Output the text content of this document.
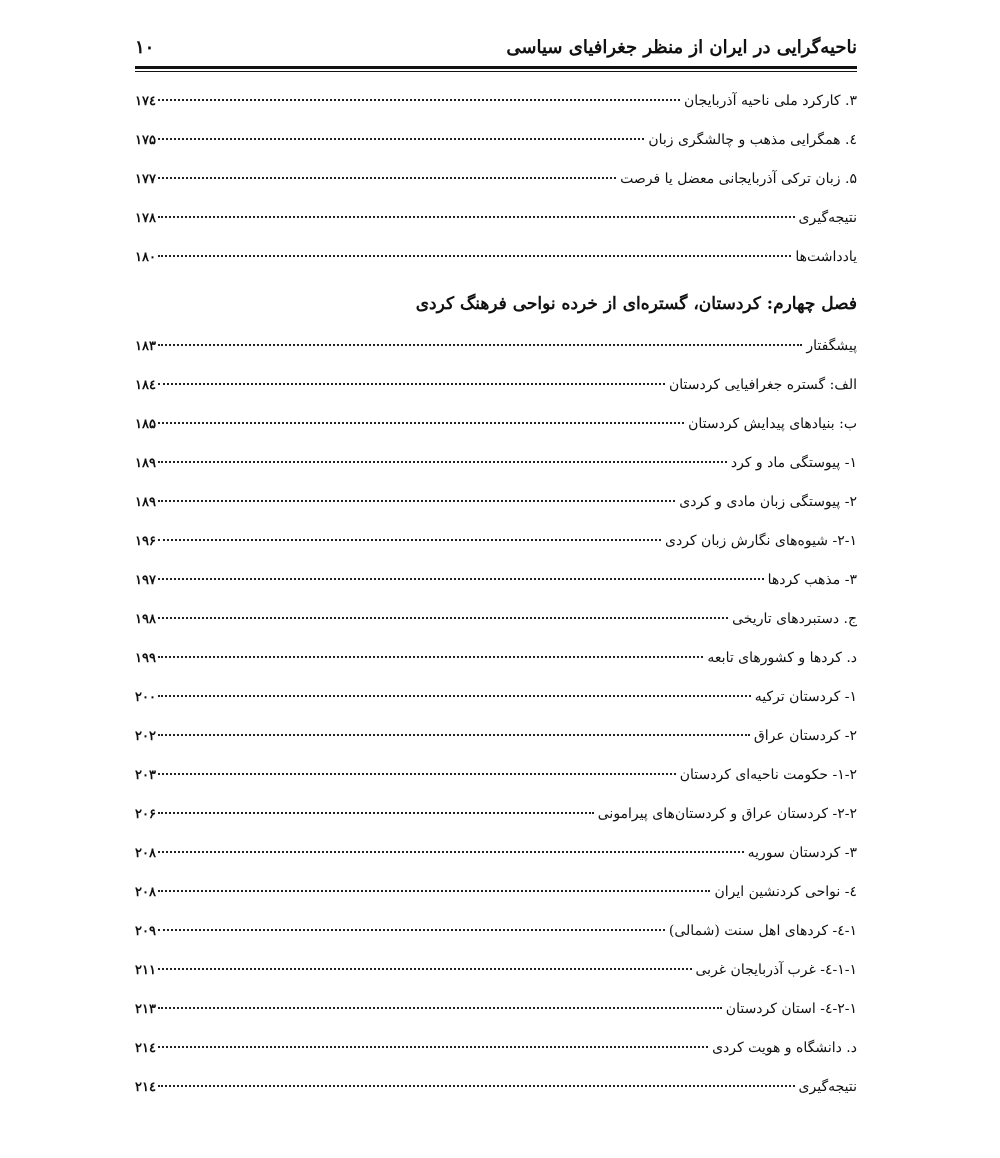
ناحیه‌گرایی در ایران از منظر جغرافیای سیاسی
۱۰
۳. کارکرد ملی ناحیه آذربایجان
۱۷٤
٤. همگرایی مذهب و چالشگری زبان
۱۷۵
۵. زبان ترکی آذربایجانی معضل یا فرصت
۱۷۷
نتیجه‌گیری
۱۷۸
یادداشت‌ها
۱۸۰
فصل چهارم: کردستان، گستره‌ای از خرده نواحی فرهنگ کردی
پیشگفتار
۱۸۳
الف: گستره جغرافیایی کردستان
۱۸٤
ب: بنیادهای پیدایش کردستان
۱۸۵
۱- پیوستگی ماد و کرد
۱۸۹
۲- پیوستگی زبان مادی و کردی
۱۸۹
۲-۱- شیوه‌های نگارش زبان کردی
۱۹۶
۳- مذهب کردها
۱۹۷
ج. دستبردهای تاریخی
۱۹۸
د. کردها و کشورهای تابعه
۱۹۹
۱- کردستان ترکیه
۲۰۰
۲- کردستان عراق
۲۰۲
۱-۲- حکومت ناحیه‌ای کردستان
۲۰۳
۲-۲- کردستان عراق و کردستان‌های پیرامونی
۲۰۶
۳- کردستان سوریه
۲۰۸
٤- نواحی کردنشین ایران
۲۰۸
۱-٤- کردهای اهل سنت (شمالی)
۲۰۹
۱-۱-٤- غرب آذربایجان غربی
۲۱۱
۲-۱-٤- استان کردستان
۲۱۳
د. دانشگاه و هویت کردی
۲۱٤
نتیجه‌گیری
۲۱٤
